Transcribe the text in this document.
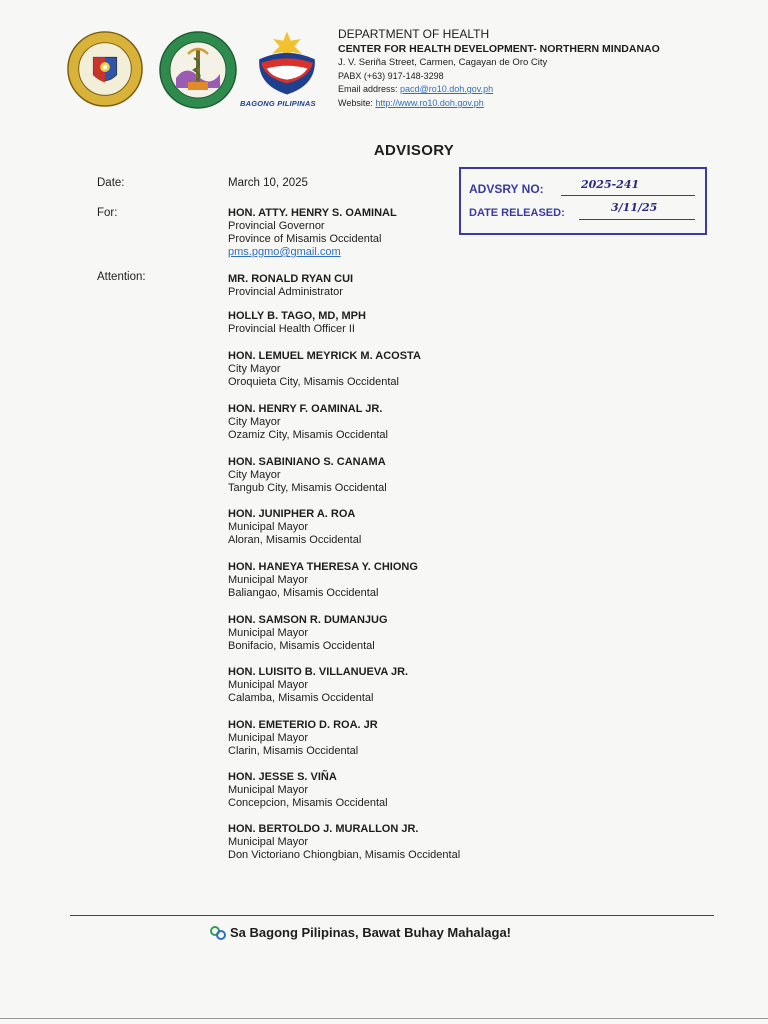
BAGONG PILIPINAS
DEPARTMENT OF HEALTH
CENTER FOR HEALTH DEVELOPMENT- NORTHERN MINDANAO
J. V. Seriña Street, Carmen, Cagayan de Oro City
PABX (+63) 917-148-3298
Email address: pacd@ro10.doh.gov.ph
Website: http://www.ro10.doh.gov.ph
ADVISORY
ADVSRY NO:	2025-241
DATE RELEASED:	3/11/25
Date:	March 10, 2025
For:	HON. ATTY. HENRY S. OAMINAL
Provincial Governor
Province of Misamis Occidental
pms.pgmo@gmail.com
Attention:	MR. RONALD RYAN CUI
Provincial Administrator
HOLLY B. TAGO, MD, MPH
Provincial Health Officer II
HON. LEMUEL MEYRICK M. ACOSTA
City Mayor
Oroquieta City, Misamis Occidental
HON. HENRY F. OAMINAL JR.
City Mayor
Ozamiz City, Misamis Occidental
HON. SABINIANO S. CANAMA
City Mayor
Tangub City, Misamis Occidental
HON. JUNIPHER A. ROA
Municipal Mayor
Aloran, Misamis Occidental
HON. HANEYA THERESA Y. CHIONG
Municipal Mayor
Baliangao, Misamis Occidental
HON. SAMSON R. DUMANJUG
Municipal Mayor
Bonifacio, Misamis Occidental
HON. LUISITO B. VILLANUEVA JR.
Municipal Mayor
Calamba, Misamis Occidental
HON. EMETERIO D. ROA. JR
Municipal Mayor
Clarin, Misamis Occidental
HON. JESSE S. VIÑA
Municipal Mayor
Concepcion, Misamis Occidental
HON. BERTOLDO J. MURALLON JR.
Municipal Mayor
Don Victoriano Chiongbian, Misamis Occidental
Sa Bagong Pilipinas, Bawat Buhay Mahalaga!
